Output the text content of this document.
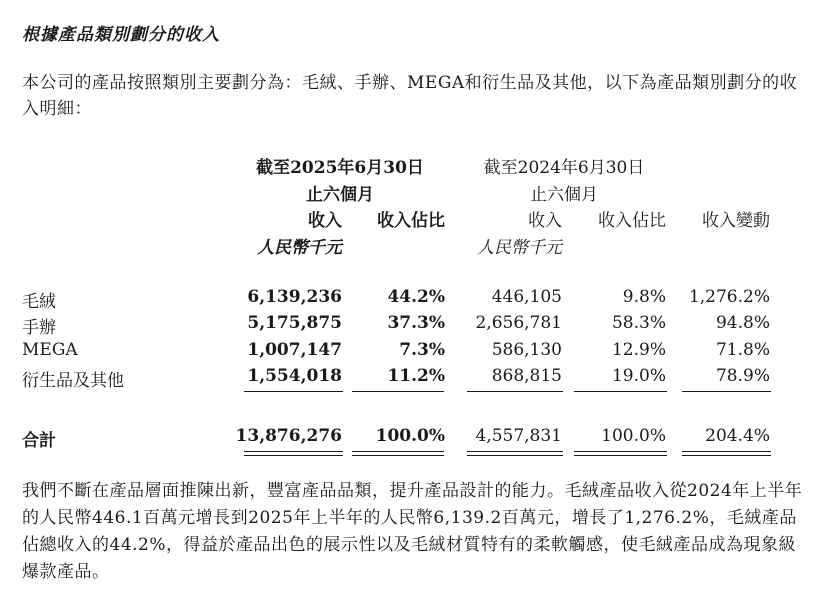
根據產品類別劃分的收入
本公司的產品按照類別主要劃分為：毛絨、手辦、MEGA和衍生品及其他，以下為產品類別劃分的收入明細：
截至2025年6月30日
止六個月
截至2024年6月30日
止六個月
收入 收入佔比	收入 收入佔比 收入變動
人民幣千元	人民幣千元
毛絨	6,139,236	44.2%	446,105	9.8% 1,276.2%
手辦	5,175,875	37.3% 2,656,781	58.3%	94.8%
MEGA	1,007,147	7.3%	586,130	12.9%	71.8%
衍生品及其他	1,554,018	11.2%	868,815	19.0%	78.9%
合計	13,876,276 100.0% 4,557,831 100.0% 204.4%
我們不斷在產品層面推陳出新，豐富產品品類，提升產品設計的能力。毛絨產品收入從2024年上半年的人民幣446.1百萬元增長到2025年上半年的人民幣6,139.2百萬元，增長了1,276.2%，毛絨產品佔總收入的44.2%，得益於產品出色的展示性以及毛絨材質特有的柔軟觸感，使毛絨產品成為現象級爆款產品。
